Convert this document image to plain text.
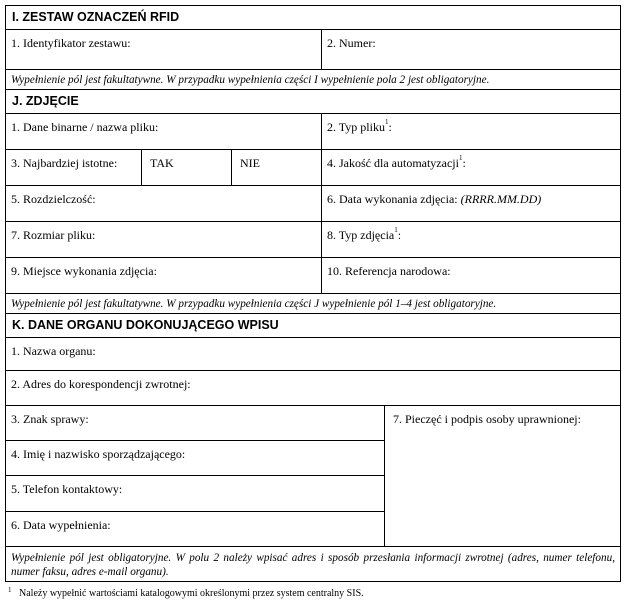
I. ZESTAW OZNACZEŃ RFID
1. Identyfikator zestawu:	2. Numer:
Wypełnienie pól jest fakultatywne. W przypadku wypełnienia części I wypełnienie pola 2 jest obligatoryjne.
J. ZDJĘCIE
1. Dane binarne / nazwa pliku:	2. Typ pliku$^1$:
3. Najbardziej istotne:	TAK	NIE	4. Jakość dla automatyzacji$^1$:
5. Rozdzielczość:	6. Data wykonania zdjęcia: (RRRR.MM.DD)
7. Rozmiar pliku:	8. Typ zdjęcia$^1$:
9. Miejsce wykonania zdjęcia:	10. Referencja narodowa:
Wypełnienie pól jest fakultatywne. W przypadku wypełnienia części J wypełnienie pól 1–4 jest obligatoryjne.
K. DANE ORGANU DOKONUJĄCEGO WPISU
1. Nazwa organu:
2. Adres do korespondencji zwrotnej:
3. Znak sprawy:
4. Imię i nazwisko sporządzającego:
5. Telefon kontaktowy:
6. Data wypełnienia:
7. Pieczęć i podpis osoby uprawnionej:
Wypełnienie pól jest obligatoryjne. W polu 2 należy wpisać adres i sposób przesłania informacji zwrotnej (adres, numer telefonu, numer faksu, adres e-mail organu).
$^1$ Należy wypełnić wartościami katalogowymi określonymi przez system centralny SIS.
